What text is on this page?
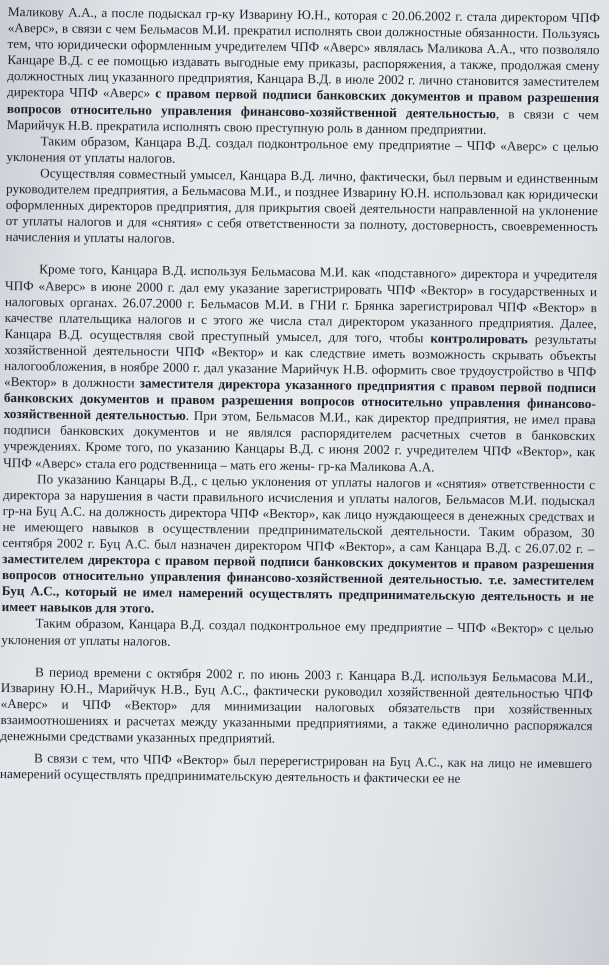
Маликову А.А., а после подыскал гр-ку Изварину Ю.Н., которая с 20.06.2002 г. стала директором ЧПФ «Аверс», в связи с чем Бельмасов М.И. прекратил исполнять свои должностные обязанности. Пользуясь тем, что юридически оформленным учредителем ЧПФ «Аверс» являлась Маликова А.А., что позволяло Канцаре В.Д. с ее помощью издавать выгодные ему приказы, распоряжения, а также, продолжая смену должностных лиц указанного предприятия, Канцара В.Д. в июле 2002 г. лично становится заместителем директора ЧПФ «Аверс» с правом первой подписи банковских документов и правом разрешения вопросов относительно управления финансово-хозяйственной деятельностью, в связи с чем Марийчук Н.В. прекратила исполнять свою преступную роль в данном предприятии.

Таким образом, Канцара В.Д. создал подконтрольное ему предприятие – ЧПФ «Аверс» с целью уклонения от уплаты налогов.

Осуществляя совместный умысел, Канцара В.Д. лично, фактически, был первым и единственным руководителем предприятия, а Бельмасова М.И., и позднее Изварину Ю.Н. использовал как юридически оформленных директоров предприятия, для прикрытия своей деятельности направленной на уклонение от уплаты налогов и для «снятия» с себя ответственности за полноту, достоверность, своевременность начисления и уплаты налогов.

Кроме того, Канцара В.Д. используя Бельмасова М.И. как «подставного» директора и учредителя ЧПФ «Аверс» в июне 2000 г. дал ему указание зарегистрировать ЧПФ «Вектор» в государственных и налоговых органах. 26.07.2000 г. Бельмасов М.И. в ГНИ г. Брянка зарегистрировал ЧПФ «Вектор» в качестве плательщика налогов и с этого же числа стал директором указанного предприятия. Далее, Канцара В.Д. осуществляя свой преступный умысел, для того, чтобы контролировать результаты хозяйственной деятельности ЧПФ «Вектор» и как следствие иметь возможность скрывать объекты налогообложения, в ноябре 2000 г. дал указание Марийчук Н.В. оформить свое трудоустройство в ЧПФ «Вектор» в должности заместителя директора указанного предприятия с правом первой подписи банковских документов и правом разрешения вопросов относительно управления финансово-хозяйственной деятельностью. При этом, Бельмасов М.И., как директор предприятия, не имел права подписи банковских документов и не являлся распорядителем расчетных счетов в банковских учреждениях. Кроме того, по указанию Канцары В.Д. с июня 2002 г. учредителем ЧПФ «Вектор», как ЧПФ «Аверс» стала его родственница – мать его жены- гр-ка Маликова А.А.

По указанию Канцары В.Д., с целью уклонения от уплаты налогов и «снятия» ответственности с директора за нарушения в части правильного исчисления и уплаты налогов, Бельмасов М.И. подыскал гр-на Буц А.С. на должность директора ЧПФ «Вектор», как лицо нуждающееся в денежных средствах и не имеющего навыков в осуществлении предпринимательской деятельности. Таким образом, 30 сентября 2002 г. Буц А.С. был назначен директором ЧПФ «Вектор», а сам Канцара В.Д. с 26.07.02 г. – заместителем директора с правом первой подписи банковских документов и правом разрешения вопросов относительно управления финансово-хозяйственной деятельностью. т.е. заместителем Буц А.С., который не имел намерений осуществлять предпринимательскую деятельность и не имеет навыков для этого.

Таким образом, Канцара В.Д. создал подконтрольное ему предприятие – ЧПФ «Вектор» с целью уклонения от уплаты налогов.

В период времени с октября 2002 г. по июнь 2003 г. Канцара В.Д. используя Бельмасова М.И., Изварину Ю.Н., Марийчук Н.В., Буц А.С., фактически руководил хозяйственной деятельностью ЧПФ «Аверс» и ЧПФ «Вектор» для минимизации налоговых обязательств при хозяйственных взаимоотношениях и расчетах между указанными предприятиями, а также единолично распоряжался денежными средствами указанных предприятий.

В связи с тем, что ЧПФ «Вектор» был перерегистрирован на Буц А.С., как на лицо не имевшего намерений осуществлять предпринимательскую деятельность и фактически ее не
